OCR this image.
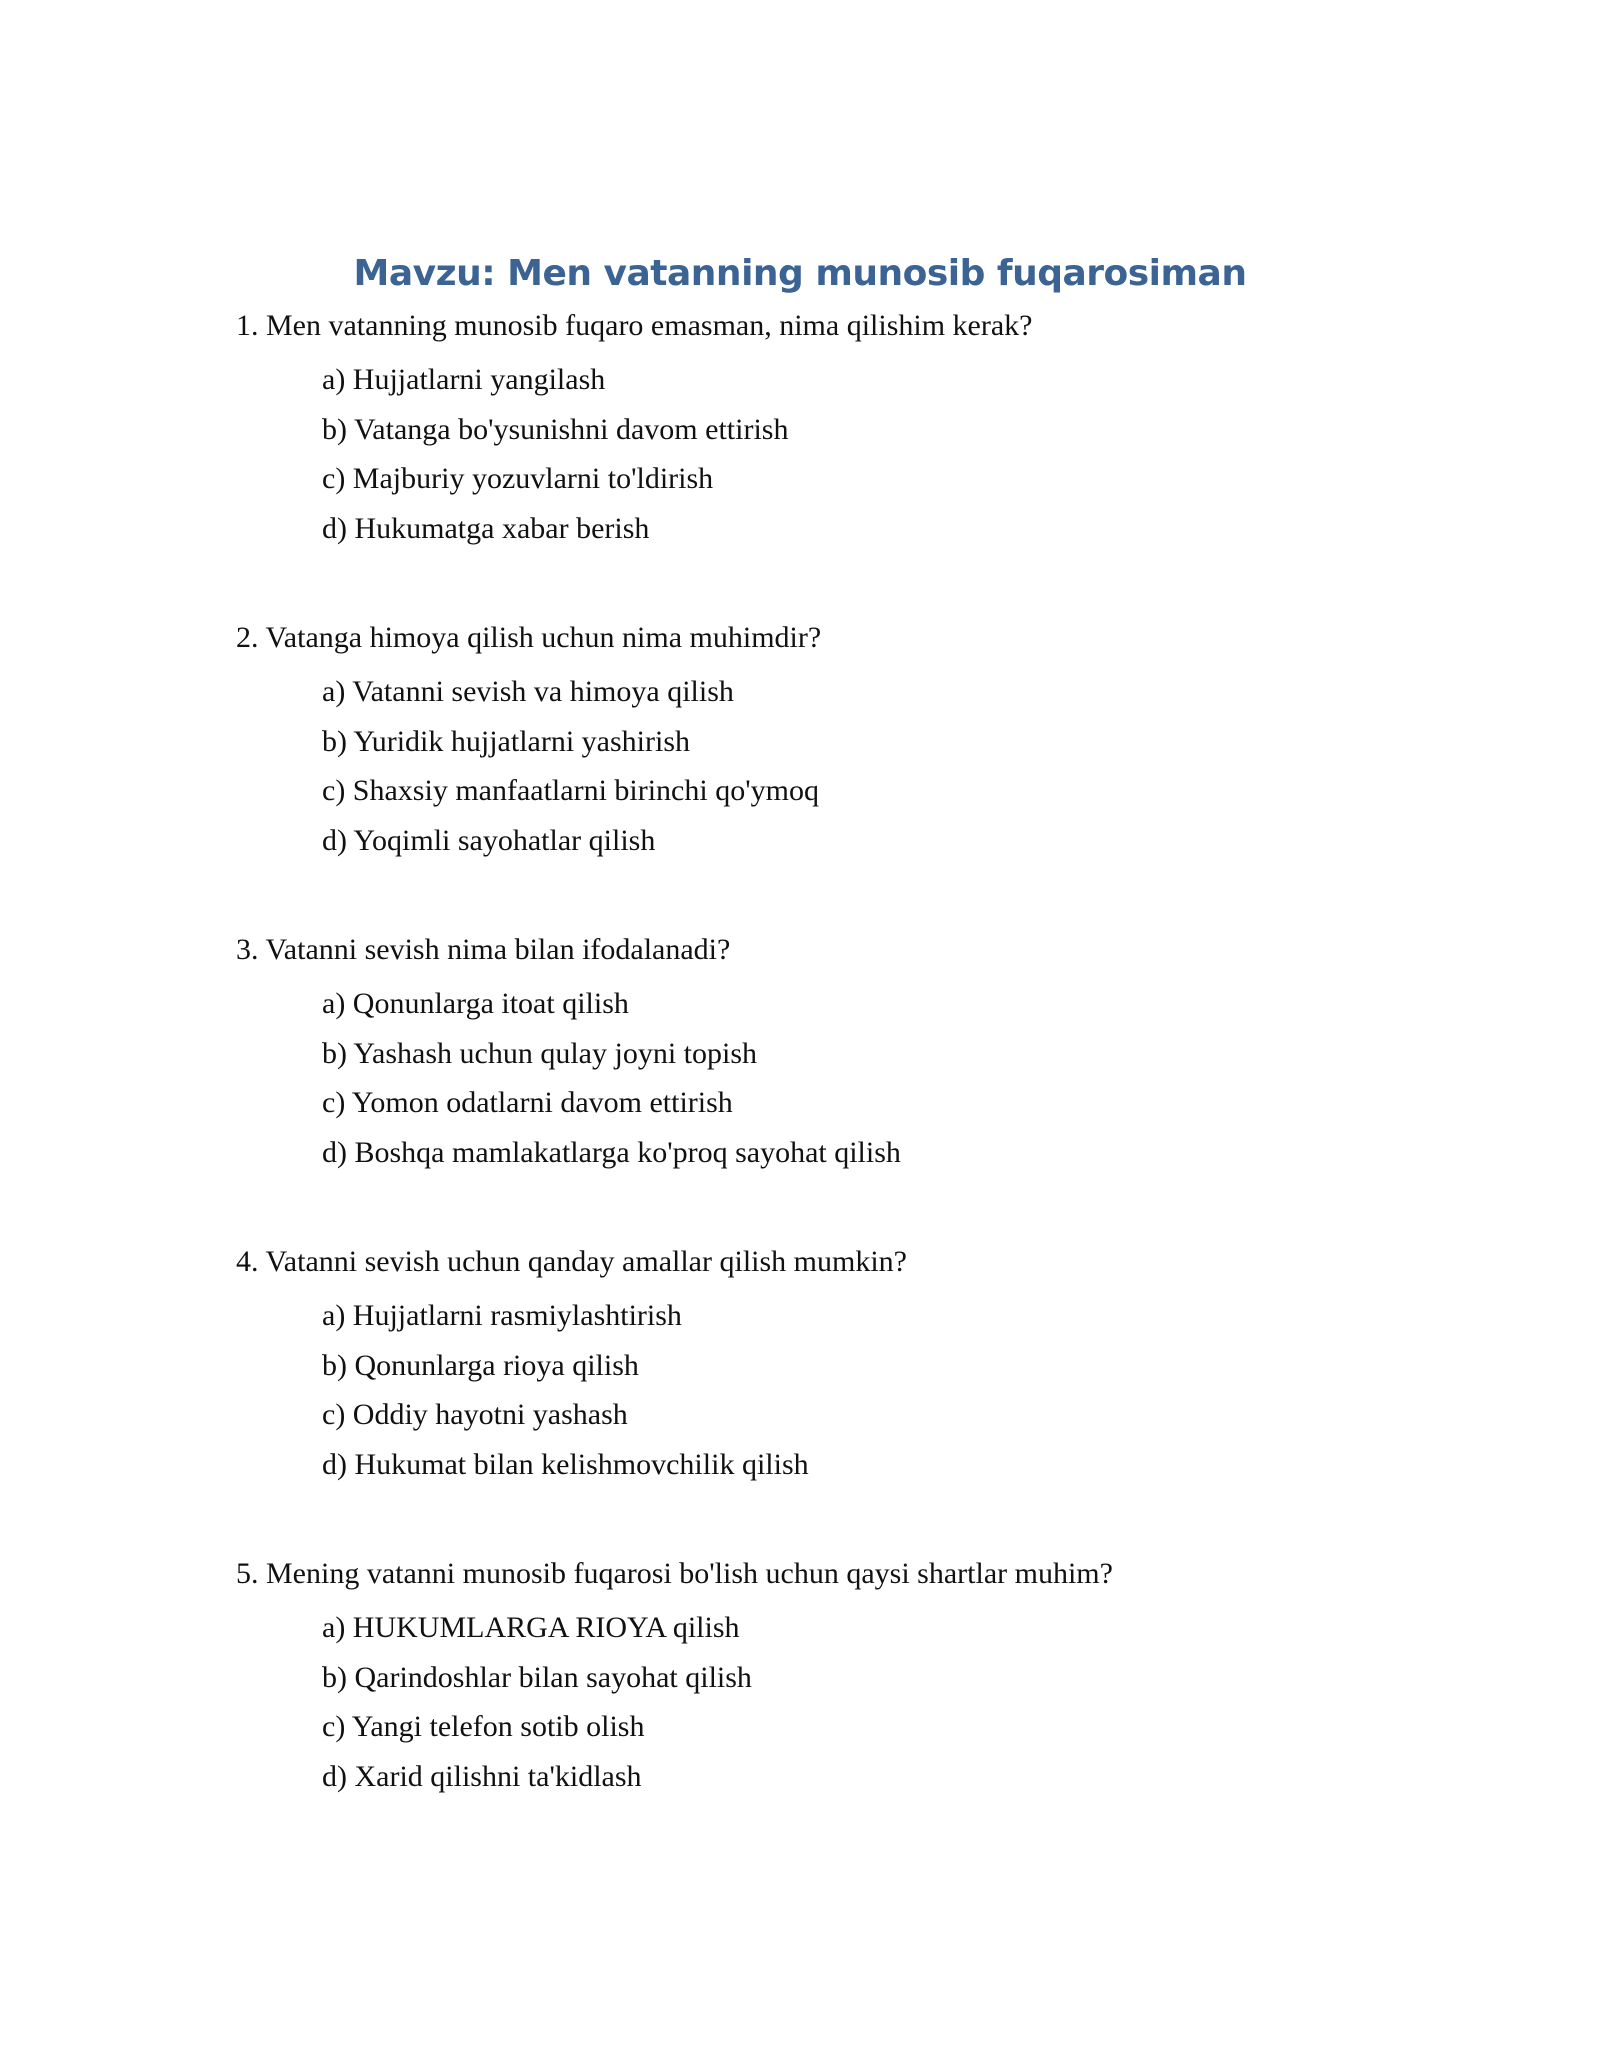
Mavzu: Men vatanning munosib fuqarosiman
1. Men vatanning munosib fuqaro emasman, nima qilishim kerak?
a) Hujjatlarni yangilash
b) Vatanga bo'ysunishni davom ettirish
c) Majburiy yozuvlarni to'ldirish
d) Hukumatga xabar berish
2. Vatanga himoya qilish uchun nima muhimdir?
a) Vatanni sevish va himoya qilish
b) Yuridik hujjatlarni yashirish
c) Shaxsiy manfaatlarni birinchi qo'ymoq
d) Yoqimli sayohatlar qilish
3. Vatanni sevish nima bilan ifodalanadi?
a) Qonunlarga itoat qilish
b) Yashash uchun qulay joyni topish
c) Yomon odatlarni davom ettirish
d) Boshqa mamlakatlarga ko'proq sayohat qilish
4. Vatanni sevish uchun qanday amallar qilish mumkin?
a) Hujjatlarni rasmiylashtirish
b) Qonunlarga rioya qilish
c) Oddiy hayotni yashash
d) Hukumat bilan kelishmovchilik qilish
5. Mening vatanni munosib fuqarosi bo'lish uchun qaysi shartlar muhim?
a) HUKUMLARGA RIOYA qilish
b) Qarindoshlar bilan sayohat qilish
c) Yangi telefon sotib olish
d) Xarid qilishni ta'kidlash
